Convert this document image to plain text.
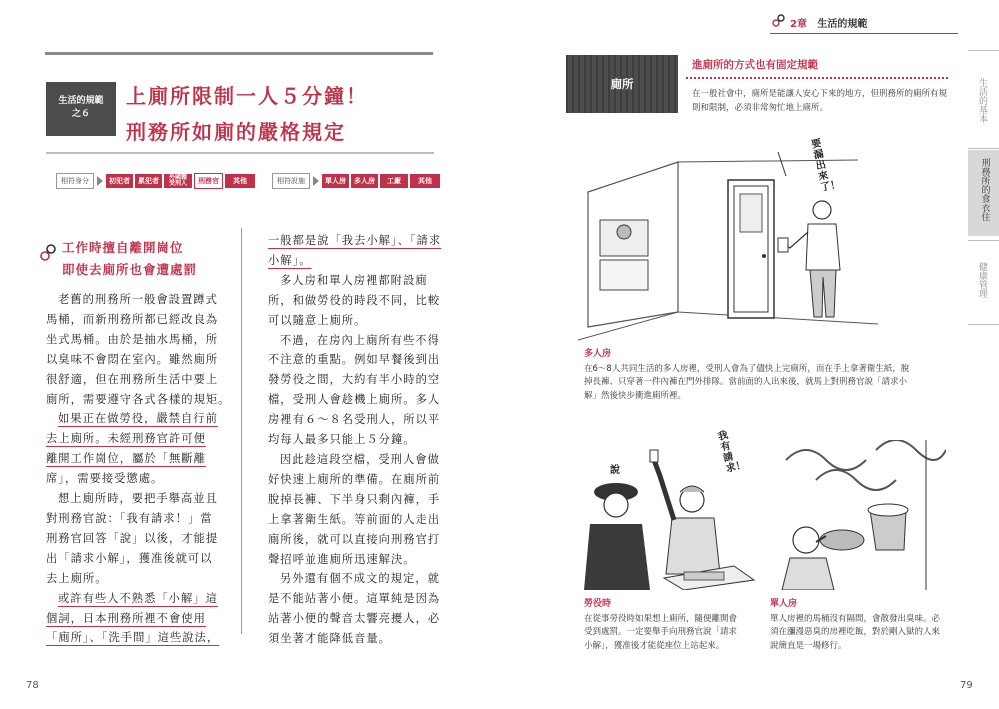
生活的規範
之６
上廁所限制一人５分鐘！
刑務所如廁的嚴格規定
相符身分	初犯者	累犯者	外國籍受刑人	刑務官	其他	相符設施	單人房	多人房	工廠	其他
工作時擅自離開崗位
即使去廁所也會遭處罰

老舊的刑務所一般會設置蹲式

馬桶，而新刑務所都已經改良為

坐式馬桶。由於是抽水馬桶，所

以臭味不會悶在室內。雖然廁所

很舒適，但在刑務所生活中要上

廁所，需要遵守各式各樣的規矩。

如果正在做勞役，嚴禁自行前

去上廁所。未經刑務官許可便

離開工作崗位，屬於「無斷離

席」，需要接受懲處。

想上廁所時，要把手舉高並且

對刑務官說：「我有請求！」當

刑務官回答「說」以後，才能提

出「請求小解」，獲准後就可以

去上廁所。

或許有些人不熟悉「小解」這

個詞，日本刑務所裡不會使用

「廁所」、「洗手間」這些說法，

一般都是說「我去小解」、「請求

小解」。

多人房和單人房裡都附設廁

所，和做勞役的時段不同，比較

可以隨意上廁所。

不過，在房內上廁所有些不得

不注意的重點。例如早餐後到出

發勞役之間，大約有半小時的空

檔，受刑人會趁機上廁所。多人

房裡有６～８名受刑人，所以平

均每人最多只能上５分鐘。

因此趁這段空檔，受刑人會做

好快速上廁所的準備。在廁所前

脫掉長褲、下半身只剩內褲，手

上拿著衛生紙。等前面的人走出

廁所後，就可以直接向刑務官打

聲招呼並進廁所迅速解決。

另外還有個不成文的規定，就

是不能站著小便。這單純是因為

站著小便的聲音太響亮擾人，必

須坐著才能降低音量。

78
2章 生活的規範
廁所
進廁所的方式也有固定規範
在一般社會中，廁所是能讓人安心下來的地方，但刑務所的廁所有規則和限制，必須非常匆忙地上廁所。
要漏出來了！
多人房
在6～8人共同生活的多人房裡，受刑人會為了儘快上完廁所，而在手上拿著衛生紙，脫掉長褲、只穿著一件內褲在門外排隊。當前面的人出來後，就馬上對刑務官說「請求小解」然後快步衝進廁所裡。
說
我有請求！
勞役時
在從事勞役時如果想上廁所，隨便離開會受到處罰。一定要舉手向刑務官說「請求小解」，獲准後才能從座位上站起來。
單人房
單人房裡的馬桶沒有隔間，會散發出臭味。必須在瀰漫惡臭的房裡吃飯，對於剛入獄的人來說簡直是一場修行。
生活的基本
刑務所的食衣住
健康管理
79
